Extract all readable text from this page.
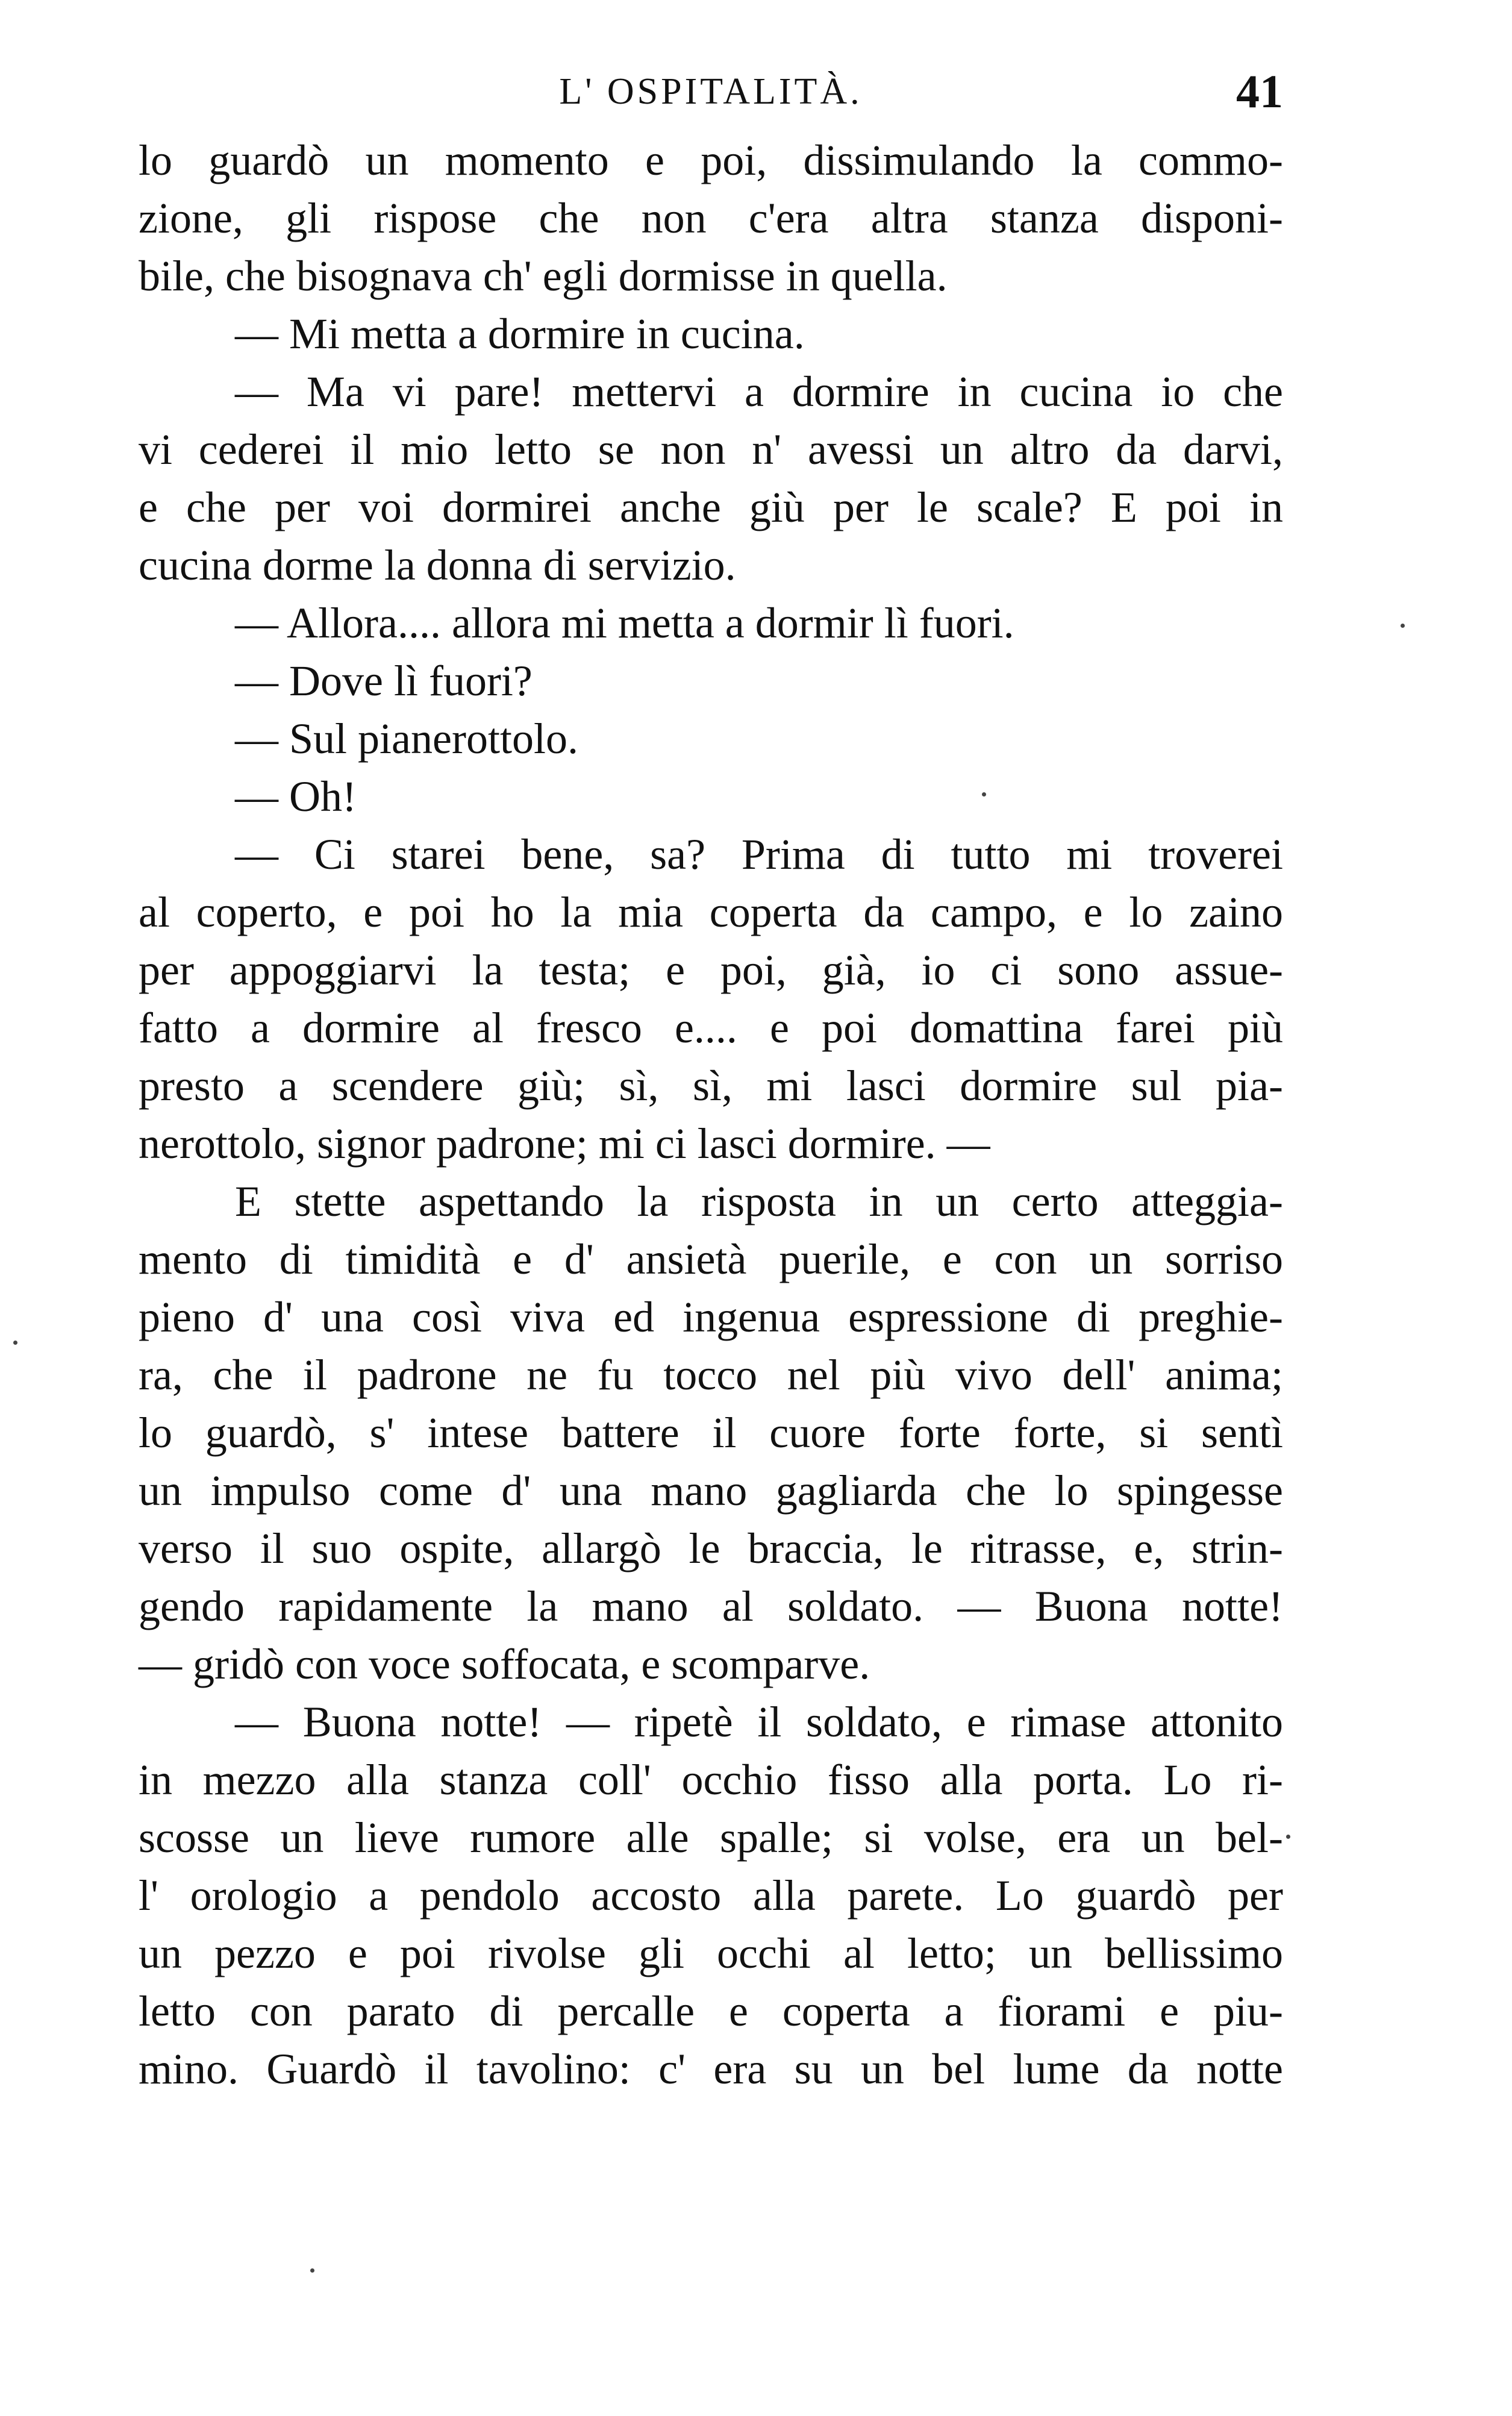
L' OSPITALITÀ.	41
lo guardò un momento e poi, dissimulando la commo-
zione, gli rispose che non c'era altra stanza disponi-
bile, che bisognava ch' egli dormisse in quella.
— Mi metta a dormire in cucina.
— Ma vi pare! mettervi a dormire in cucina io che
vi cederei il mio letto se non n' avessi un altro da darvi,
e che per voi dormirei anche giù per le scale? E poi in
cucina dorme la donna di servizio.
— Allora.... allora mi metta a dormir lì fuori.
— Dove lì fuori?
— Sul pianerottolo.
— Oh!
— Ci starei bene, sa? Prima di tutto mi troverei
al coperto, e poi ho la mia coperta da campo, e lo zaino
per appoggiarvi la testa; e poi, già, io ci sono assue-
fatto a dormire al fresco e.... e poi domattina farei più
presto a scendere giù; sì, sì, mi lasci dormire sul pia-
nerottolo, signor padrone; mi ci lasci dormire. —
E stette aspettando la risposta in un certo atteggia-
mento di timidità e d' ansietà puerile, e con un sorriso
pieno d' una così viva ed ingenua espressione di preghie-
ra, che il padrone ne fu tocco nel più vivo dell' anima;
lo guardò, s' intese battere il cuore forte forte, si sentì
un impulso come d' una mano gagliarda che lo spingesse
verso il suo ospite, allargò le braccia, le ritrasse, e, strin-
gendo rapidamente la mano al soldato. — Buona notte!
— gridò con voce soffocata, e scomparve.
— Buona notte! — ripetè il soldato, e rimase attonito
in mezzo alla stanza coll' occhio fisso alla porta. Lo ri-
scosse un lieve rumore alle spalle; si volse, era un bel-
l' orologio a pendolo accosto alla parete. Lo guardò per
un pezzo e poi rivolse gli occhi al letto; un bellissimo
letto con parato di percalle e coperta a fiorami e piu-
mino. Guardò il tavolino: c' era su un bel lume da notte
